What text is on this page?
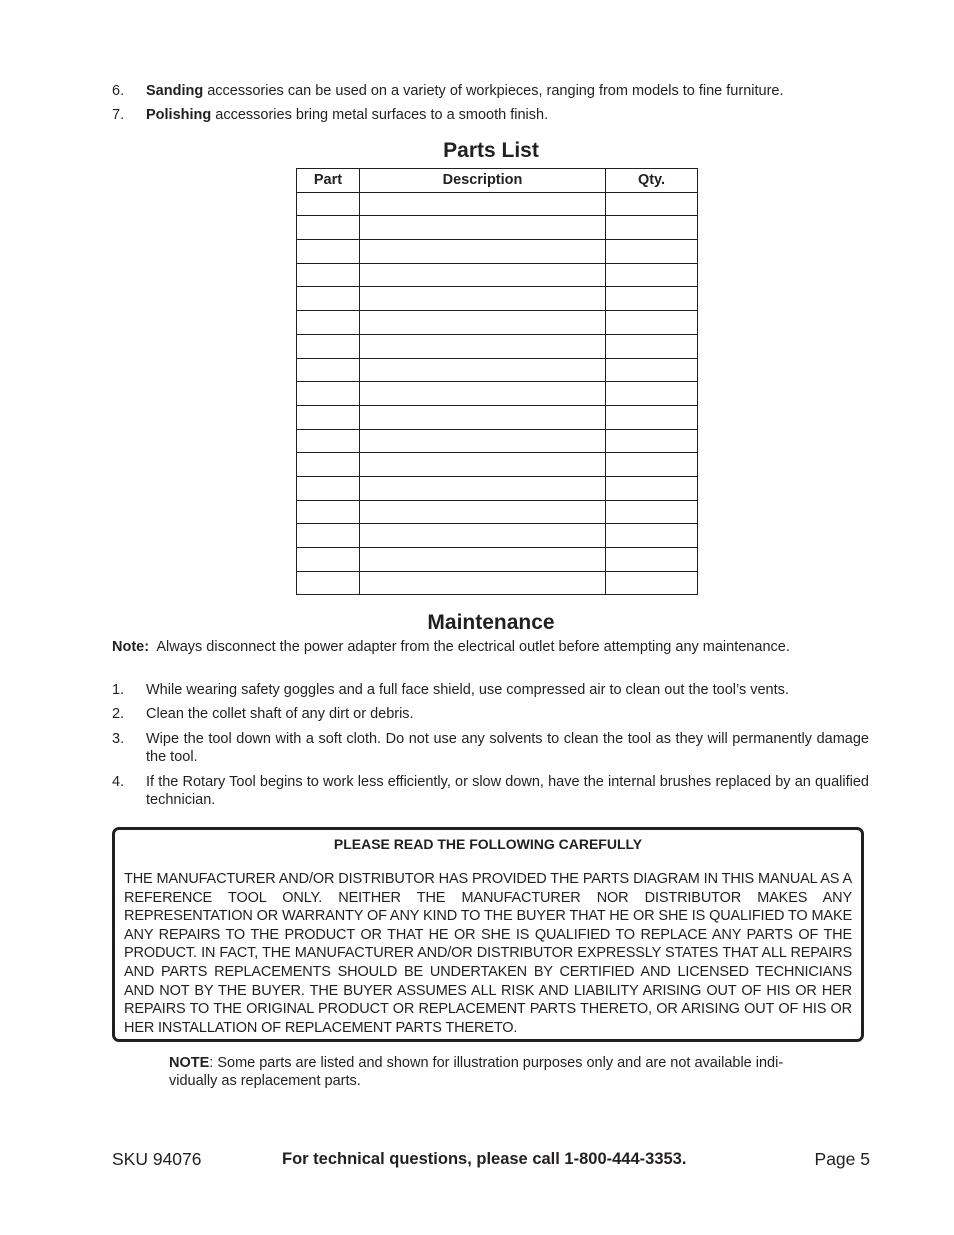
6. Sanding accessories can be used on a variety of workpieces, ranging from models to fine furniture.
7. Polishing accessories bring metal surfaces to a smooth finish.
Parts List
Part	Description	Qty.

Maintenance
Note: Always disconnect the power adapter from the electrical outlet before attempting any maintenance.
1. While wearing safety goggles and a full face shield, use compressed air to clean out the tool’s vents.
2. Clean the collet shaft of any dirt or debris.
3. Wipe the tool down with a soft cloth. Do not use any solvents to clean the tool as they will permanently damage the tool.
4. If the Rotary Tool begins to work less efficiently, or slow down, have the internal brushes replaced by an qualified technician.
PLEASE READ THE FOLLOWING CAREFULLY
THE MANUFACTURER AND/OR DISTRIBUTOR HAS PROVIDED THE PARTS DIAGRAM IN THIS MANUAL AS A REFERENCE TOOL ONLY. NEITHER THE MANUFACTURER NOR DISTRIBUTOR MAKES ANY REPRESENTATION OR WARRANTY OF ANY KIND TO THE BUYER THAT HE OR SHE IS QUALIFIED TO MAKE ANY REPAIRS TO THE PRODUCT OR THAT HE OR SHE IS QUALIFIED TO REPLACE ANY PARTS OF THE PRODUCT. IN FACT, THE MANUFACTURER AND/OR DISTRIBUTOR EXPRESSLY STATES THAT ALL REPAIRS AND PARTS REPLACEMENTS SHOULD BE UNDERTAKEN BY CERTIFIED AND LICENSED TECHNICIANS AND NOT BY THE BUYER. THE BUYER ASSUMES ALL RISK AND LIABILITY ARISING OUT OF HIS OR HER REPAIRS TO THE ORIGINAL PRODUCT OR REPLACEMENT PARTS THERETO, OR ARISING OUT OF HIS OR HER INSTALLATION OF REPLACEMENT PARTS THERETO.
NOTE: Some parts are listed and shown for illustration purposes only and are not available indi-vidually as replacement parts.
SKU 94076	For technical questions, please call 1-800-444-3353.	Page 5
